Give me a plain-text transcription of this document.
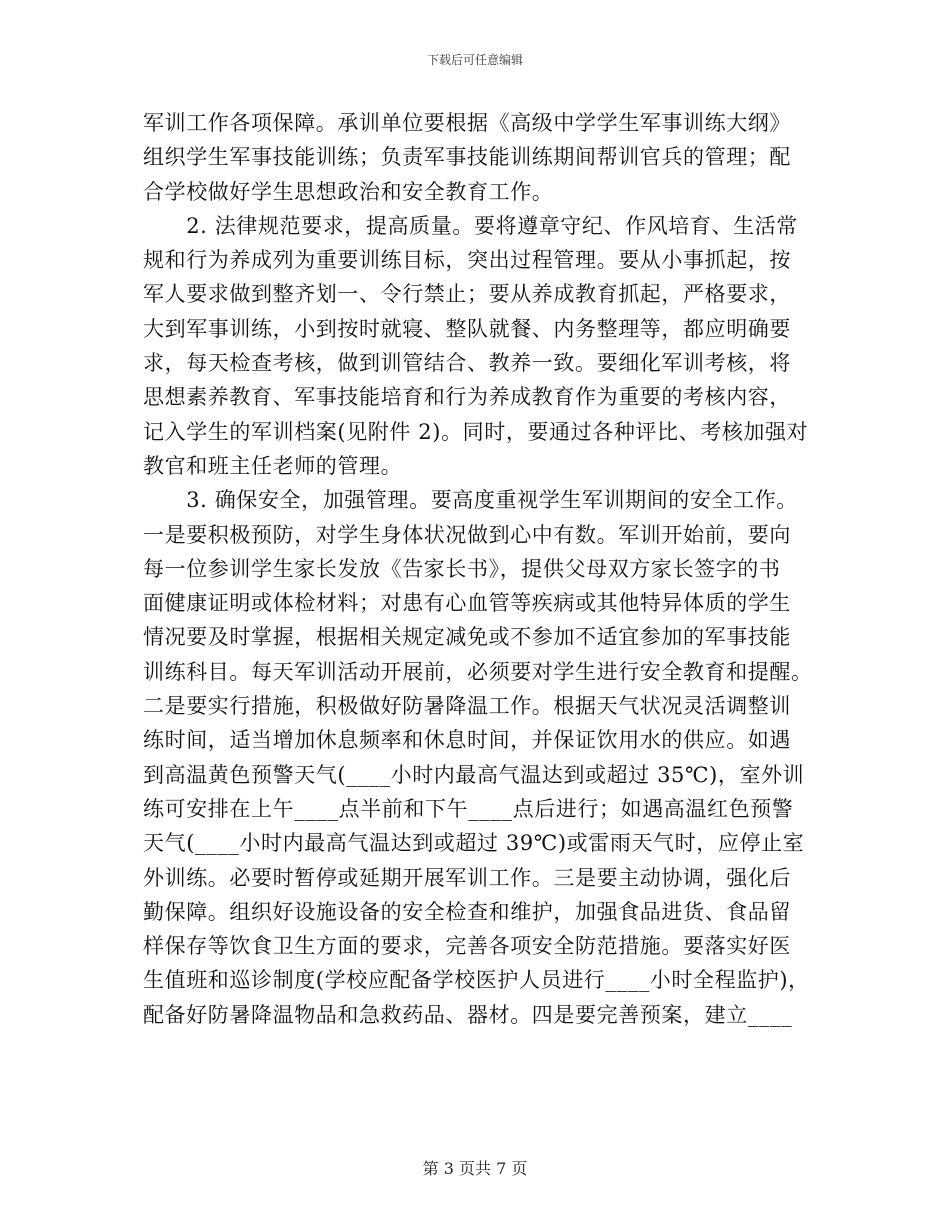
下载后可任意编辑
军训工作各项保障。承训单位要根据《高级中学学生军事训练大纲》
组织学生军事技能训练；负责军事技能训练期间帮训官兵的管理；配
合学校做好学生思想政治和安全教育工作。
　　2. 法律规范要求，提高质量。要将遵章守纪、作风培育、生活常
规和行为养成列为重要训练目标，突出过程管理。要从小事抓起，按
军人要求做到整齐划一、令行禁止；要从养成教育抓起，严格要求，
大到军事训练，小到按时就寝、整队就餐、内务整理等，都应明确要
求，每天检查考核，做到训管结合、教养一致。要细化军训考核，将
思想素养教育、军事技能培育和行为养成教育作为重要的考核内容，
记入学生的军训档案(见附件 2)。同时，要通过各种评比、考核加强对
教官和班主任老师的管理。
　　3. 确保安全，加强管理。要高度重视学生军训期间的安全工作。
一是要积极预防，对学生身体状况做到心中有数。军训开始前，要向
每一位参训学生家长发放《告家长书》，提供父母双方家长签字的书
面健康证明或体检材料；对患有心血管等疾病或其他特异体质的学生
情况要及时掌握，根据相关规定减免或不参加不适宜参加的军事技能
训练科目。每天军训活动开展前，必须要对学生进行安全教育和提醒。
二是要实行措施，积极做好防暑降温工作。根据天气状况灵活调整训
练时间，适当增加休息频率和休息时间，并保证饮用水的供应。如遇
到高温黄色预警天气(____小时内最高气温达到或超过 35℃)，室外训
练可安排在上午____点半前和下午____点后进行；如遇高温红色预警
天气(____小时内最高气温达到或超过 39℃)或雷雨天气时，应停止室
外训练。必要时暂停或延期开展军训工作。三是要主动协调，强化后
勤保障。组织好设施设备的安全检查和维护，加强食品进货、食品留
样保存等饮食卫生方面的要求，完善各项安全防范措施。要落实好医
生值班和巡诊制度(学校应配备学校医护人员进行____小时全程监护)，
配备好防暑降温物品和急救药品、器材。四是要完善预案，建立____
第 3 页共 7 页
